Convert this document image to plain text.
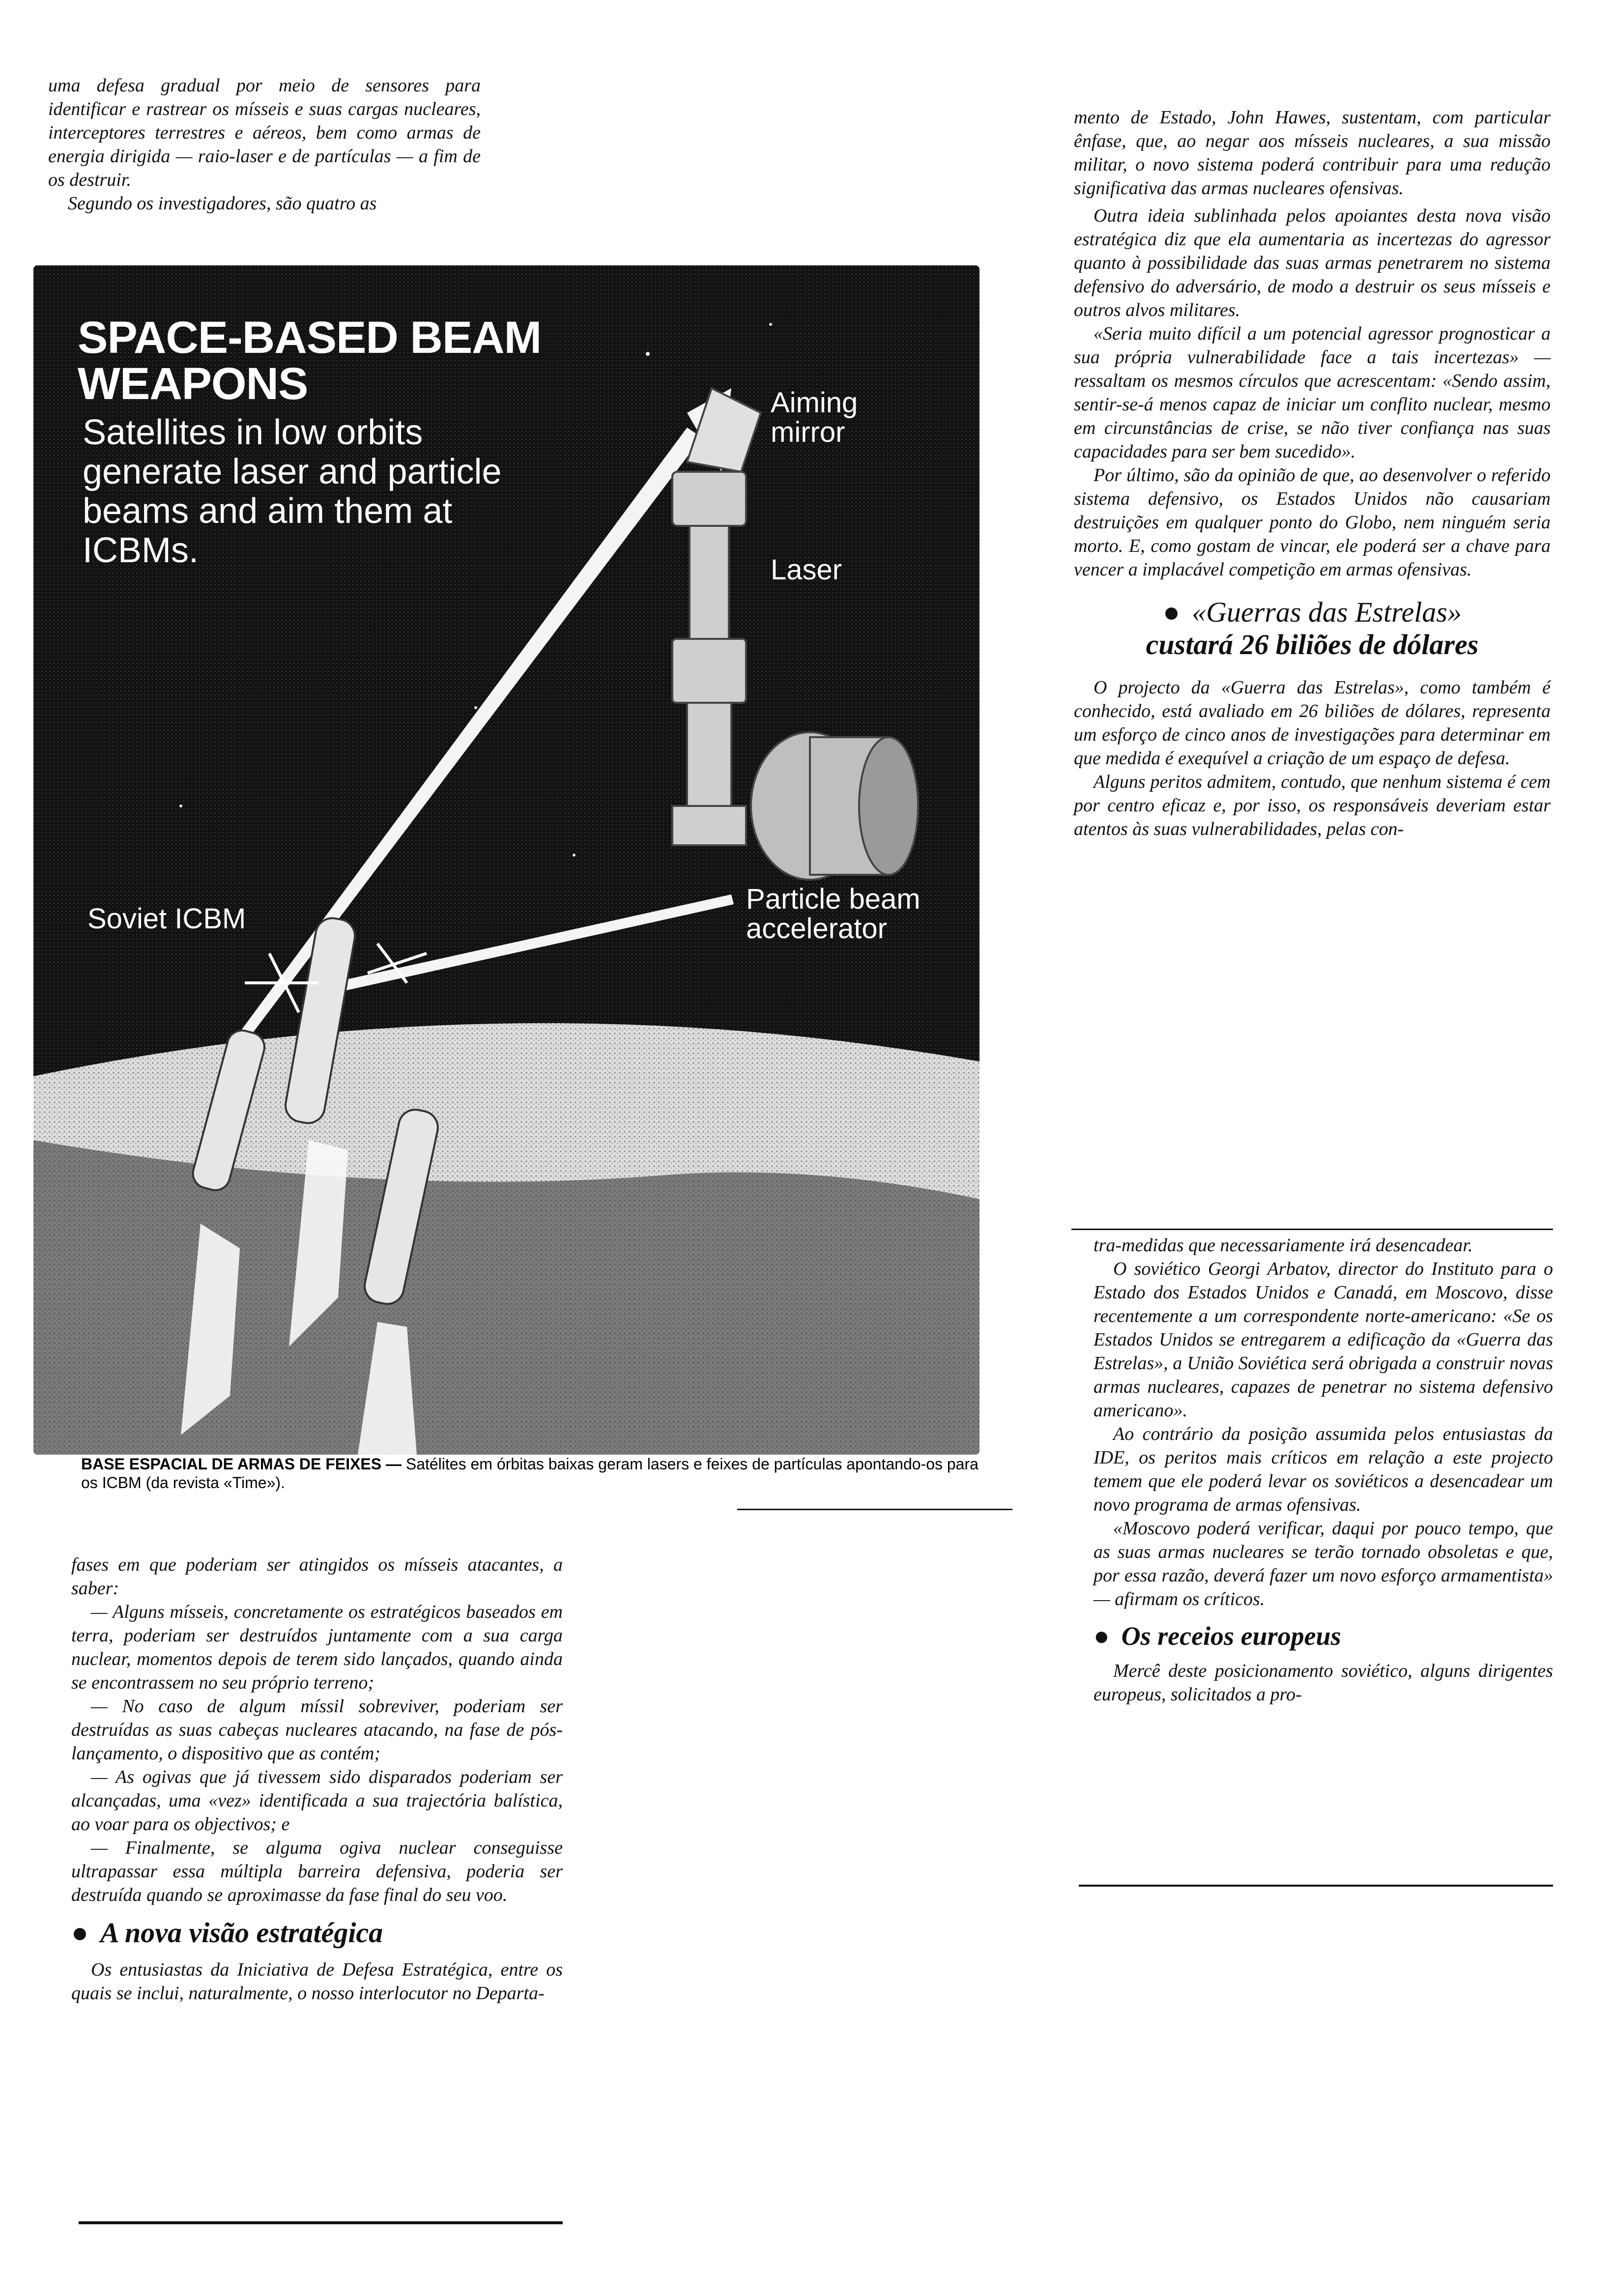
uma defesa gradual por meio de sensores para identificar e rastrear os mísseis e suas cargas nucleares, interceptores terrestres e aéreos, bem como armas de energia dirigida — raio-laser e de partículas — a fim de os destruir.

Segundo os investigadores, são quatro as

SPACE-BASED BEAM
WEAPONS
Satellites in low orbits generate laser and particle beams and aim them at ICBMs.
Aiming mirror
Laser
Soviet ICBM
Particle beam accelerator
BASE ESPACIAL DE ARMAS DE FEIXES — Satélites em órbitas baixas geram lasers e feixes de partículas apontando-os para os ICBM (da revista «Time»).

fases em que poderiam ser atingidos os mísseis atacantes, a saber:

— Alguns mísseis, concretamente os estratégicos baseados em terra, poderiam ser destruídos juntamente com a sua carga nuclear, momentos depois de terem sido lançados, quando ainda se encontrassem no seu próprio terreno;

— No caso de algum míssil sobreviver, poderiam ser destruídas as suas cabeças nucleares atacando, na fase de pós-lançamento, o dispositivo que as contém;

— As ogivas que já tivessem sido disparados poderiam ser alcançadas, uma «vez» identificada a sua trajectória balística, ao voar para os objectivos; e

— Finalmente, se alguma ogiva nuclear conseguisse ultrapassar essa múltipla barreira defensiva, poderia ser destruída quando se aproximasse da fase final do seu voo.

● A nova visão estratégica

Os entusiastas da Iniciativa de Defesa Estratégica, entre os quais se inclui, naturalmente, o nosso interlocutor no Departa-

mento de Estado, John Hawes, sustentam, com particular ênfase, que, ao negar aos mísseis nucleares, a sua missão militar, o novo sistema poderá contribuir para uma redução significativa das armas nucleares ofensivas.

Outra ideia sublinhada pelos apoiantes desta nova visão estratégica diz que ela aumentaria as incertezas do agressor quanto à possibilidade das suas armas penetrarem no sistema defensivo do adversário, de modo a destruir os seus mísseis e outros alvos militares.

«Seria muito difícil a um potencial agressor prognosticar a sua própria vulnerabilidade face a tais incertezas» — ressaltam os mesmos círculos que acrescentam: «Sendo assim, sentir-se-á menos capaz de iniciar um conflito nuclear, mesmo em circunstâncias de crise, se não tiver confiança nas suas capacidades para ser bem sucedido».

Por último, são da opinião de que, ao desenvolver o referido sistema defensivo, os Estados Unidos não causariam destruições em qualquer ponto do Globo, nem ninguém seria morto. E, como gostam de vincar, ele poderá ser a chave para vencer a implacável competição em armas ofensivas.

● «Guerras das Estrelas»

custará 26 biliões de dólares

O projecto da «Guerra das Estrelas», como também é conhecido, está avaliado em 26 biliões de dólares, representa um esforço de cinco anos de investigações para determinar em que medida é exequível a criação de um espaço de defesa.

Alguns peritos admitem, contudo, que nenhum sistema é cem por centro eficaz e, por isso, os responsáveis deveriam estar atentos às suas vulnerabilidades, pelas con-

tra-medidas que necessariamente irá desencadear.

O soviético Georgi Arbatov, director do Instituto para o Estado dos Estados Unidos e Canadá, em Moscovo, disse recentemente a um correspondente norte-americano: «Se os Estados Unidos se entregarem a edificação da «Guerra das Estrelas», a União Soviética será obrigada a construir novas armas nucleares, capazes de penetrar no sistema defensivo americano».

Ao contrário da posição assumida pelos entusiastas da IDE, os peritos mais críticos em relação a este projecto temem que ele poderá levar os soviéticos a desencadear um novo programa de armas ofensivas.

«Moscovo poderá verificar, daqui por pouco tempo, que as suas armas nucleares se terão tornado obsoletas e que, por essa razão, deverá fazer um novo esforço armamentista» — afirmam os críticos.

● Os receios europeus

Mercê deste posicionamento soviético, alguns dirigentes europeus, solicitados a pro-
